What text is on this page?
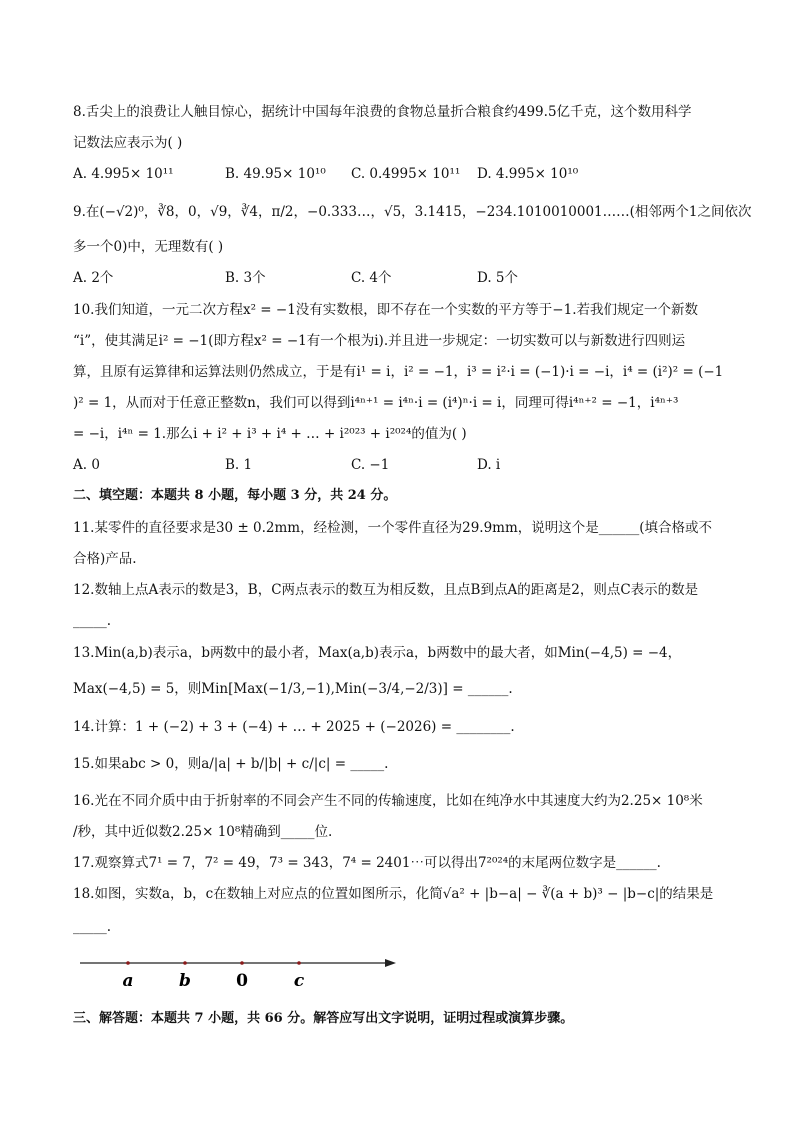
8.舌尖上的浪费让人触目惊心，据统计中国每年浪费的食物总量折合粮食约499.5亿千克，这个数用科学
记数法应表示为( )
A. 4.995× 10¹¹	B. 49.95× 10¹⁰ C. 0.4995× 10¹¹ D. 4.995× 10¹⁰
9.在(−√2)⁰，∛8，0，√9，∛4，π/2，−0.333…，√5，3.1415，−234.1010010001……(相邻两个1之间依次
多一个0)中，无理数有( )
A. 2个	B. 3个	C. 4个	D. 5个
10.我们知道，一元二次方程x² = −1没有实数根，即不存在一个实数的平方等于−1.若我们规定一个新数
“i”，使其满足i² = −1(即方程x² = −1有一个根为i).并且进一步规定：一切实数可以与新数进行四则运
算，且原有运算律和运算法则仍然成立，于是有i¹ = i，i² = −1，i³ = i²·i = (−1)·i = −i，i⁴ = (i²)² = (−1
)² = 1，从而对于任意正整数n，我们可以得到i⁴ⁿ⁺¹ = i⁴ⁿ·i = (i⁴)ⁿ·i = i，同理可得i⁴ⁿ⁺² = −1，i⁴ⁿ⁺³
= −i，i⁴ⁿ = 1.那么i + i² + i³ + i⁴ + … + i²⁰²³ + i²⁰²⁴的值为( )
A. 0	B. 1	C. −1	D. i
二、填空题：本题共 8 小题，每小题 3 分，共 24 分。
11.某零件的直径要求是30 ± 0.2mm，经检测，一个零件直径为29.9mm，说明这个是______(填合格或不
合格)产品.
12.数轴上点A表示的数是3，B，C两点表示的数互为相反数，且点B到点A的距离是2，则点C表示的数是
_____.
13.Min(a,b)表示a，b两数中的最小者，Max(a,b)表示a，b两数中的最大者，如Min(−4,5) = −4，
Max(−4,5) = 5，则Min[Max(−1/3,−1),Min(−3/4,−2/3)] = ______.
14.计算：1 + (−2) + 3 + (−4) + … + 2025 + (−2026) = ________.
15.如果abc > 0，则a/|a| + b/|b| + c/|c| = _____.
16.光在不同介质中由于折射率的不同会产生不同的传输速度，比如在纯净水中其速度大约为2.25× 10⁸米
/秒，其中近似数2.25× 10⁸精确到_____位.
17.观察算式7¹ = 7，7² = 49，7³ = 343，7⁴ = 2401⋯可以得出7²⁰²⁴的末尾两位数字是______.
18.如图，实数a，b，c在数轴上对应点的位置如图所示，化简√a² + |b−a| − ∛(a + b)³ − |b−c|的结果是
_____.
a	b	0	c
三、解答题：本题共 7 小题，共 66 分。解答应写出文字说明，证明过程或演算步骤。
